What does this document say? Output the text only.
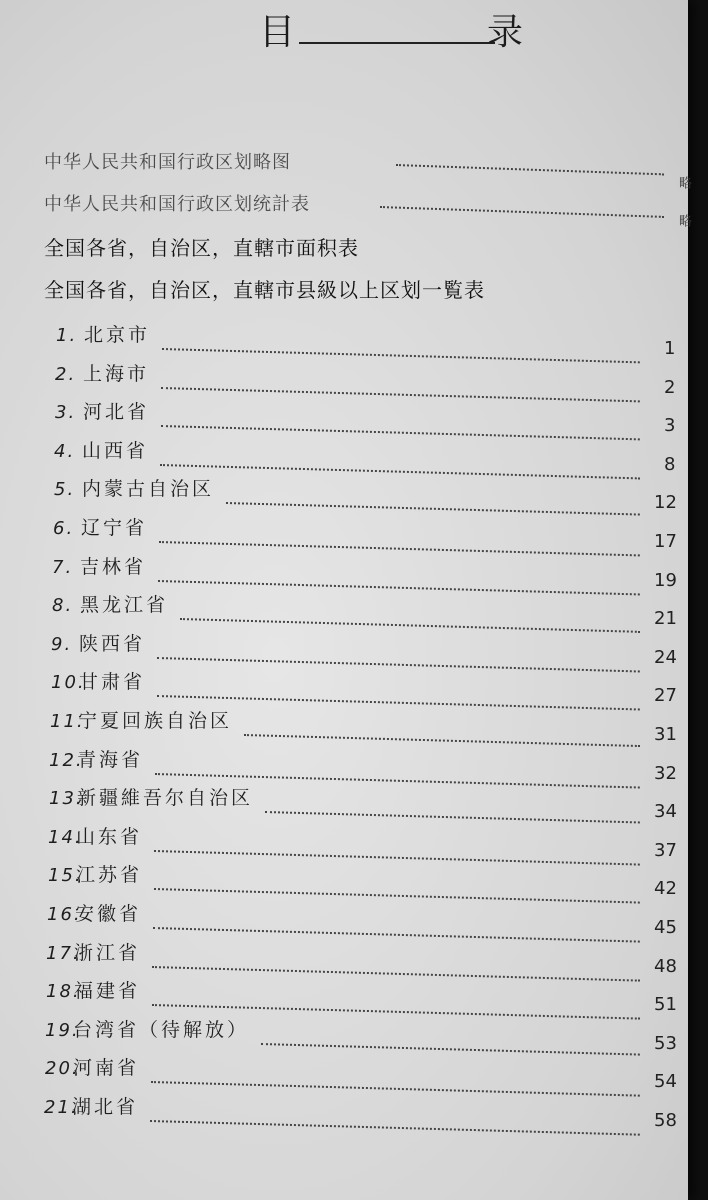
目	录
中华人民共和国行政区划略图
中华人民共和国行政区划统計表
全国各省，自治区，直轄市面积表
全国各省，自治区，直轄市县級以上区划一覧表
略
略
1. 北京市
1
2. 上海市
2
3. 河北省
3
4. 山西省
8
5. 内蒙古自治区
12
6. 辽宁省
17
7. 吉林省
19
8. 黑龙江省
21
9. 陕西省
24
10.甘肃省
27
11.宁夏回族自治区
31
12.青海省
32
13.新疆維吾尔自治区
34
14.山东省
37
15.江苏省
42
16.安徽省
45
17.浙江省
48
18.福建省
51
19.台湾省（待解放）
53
20.河南省
54
21.湖北省
58
